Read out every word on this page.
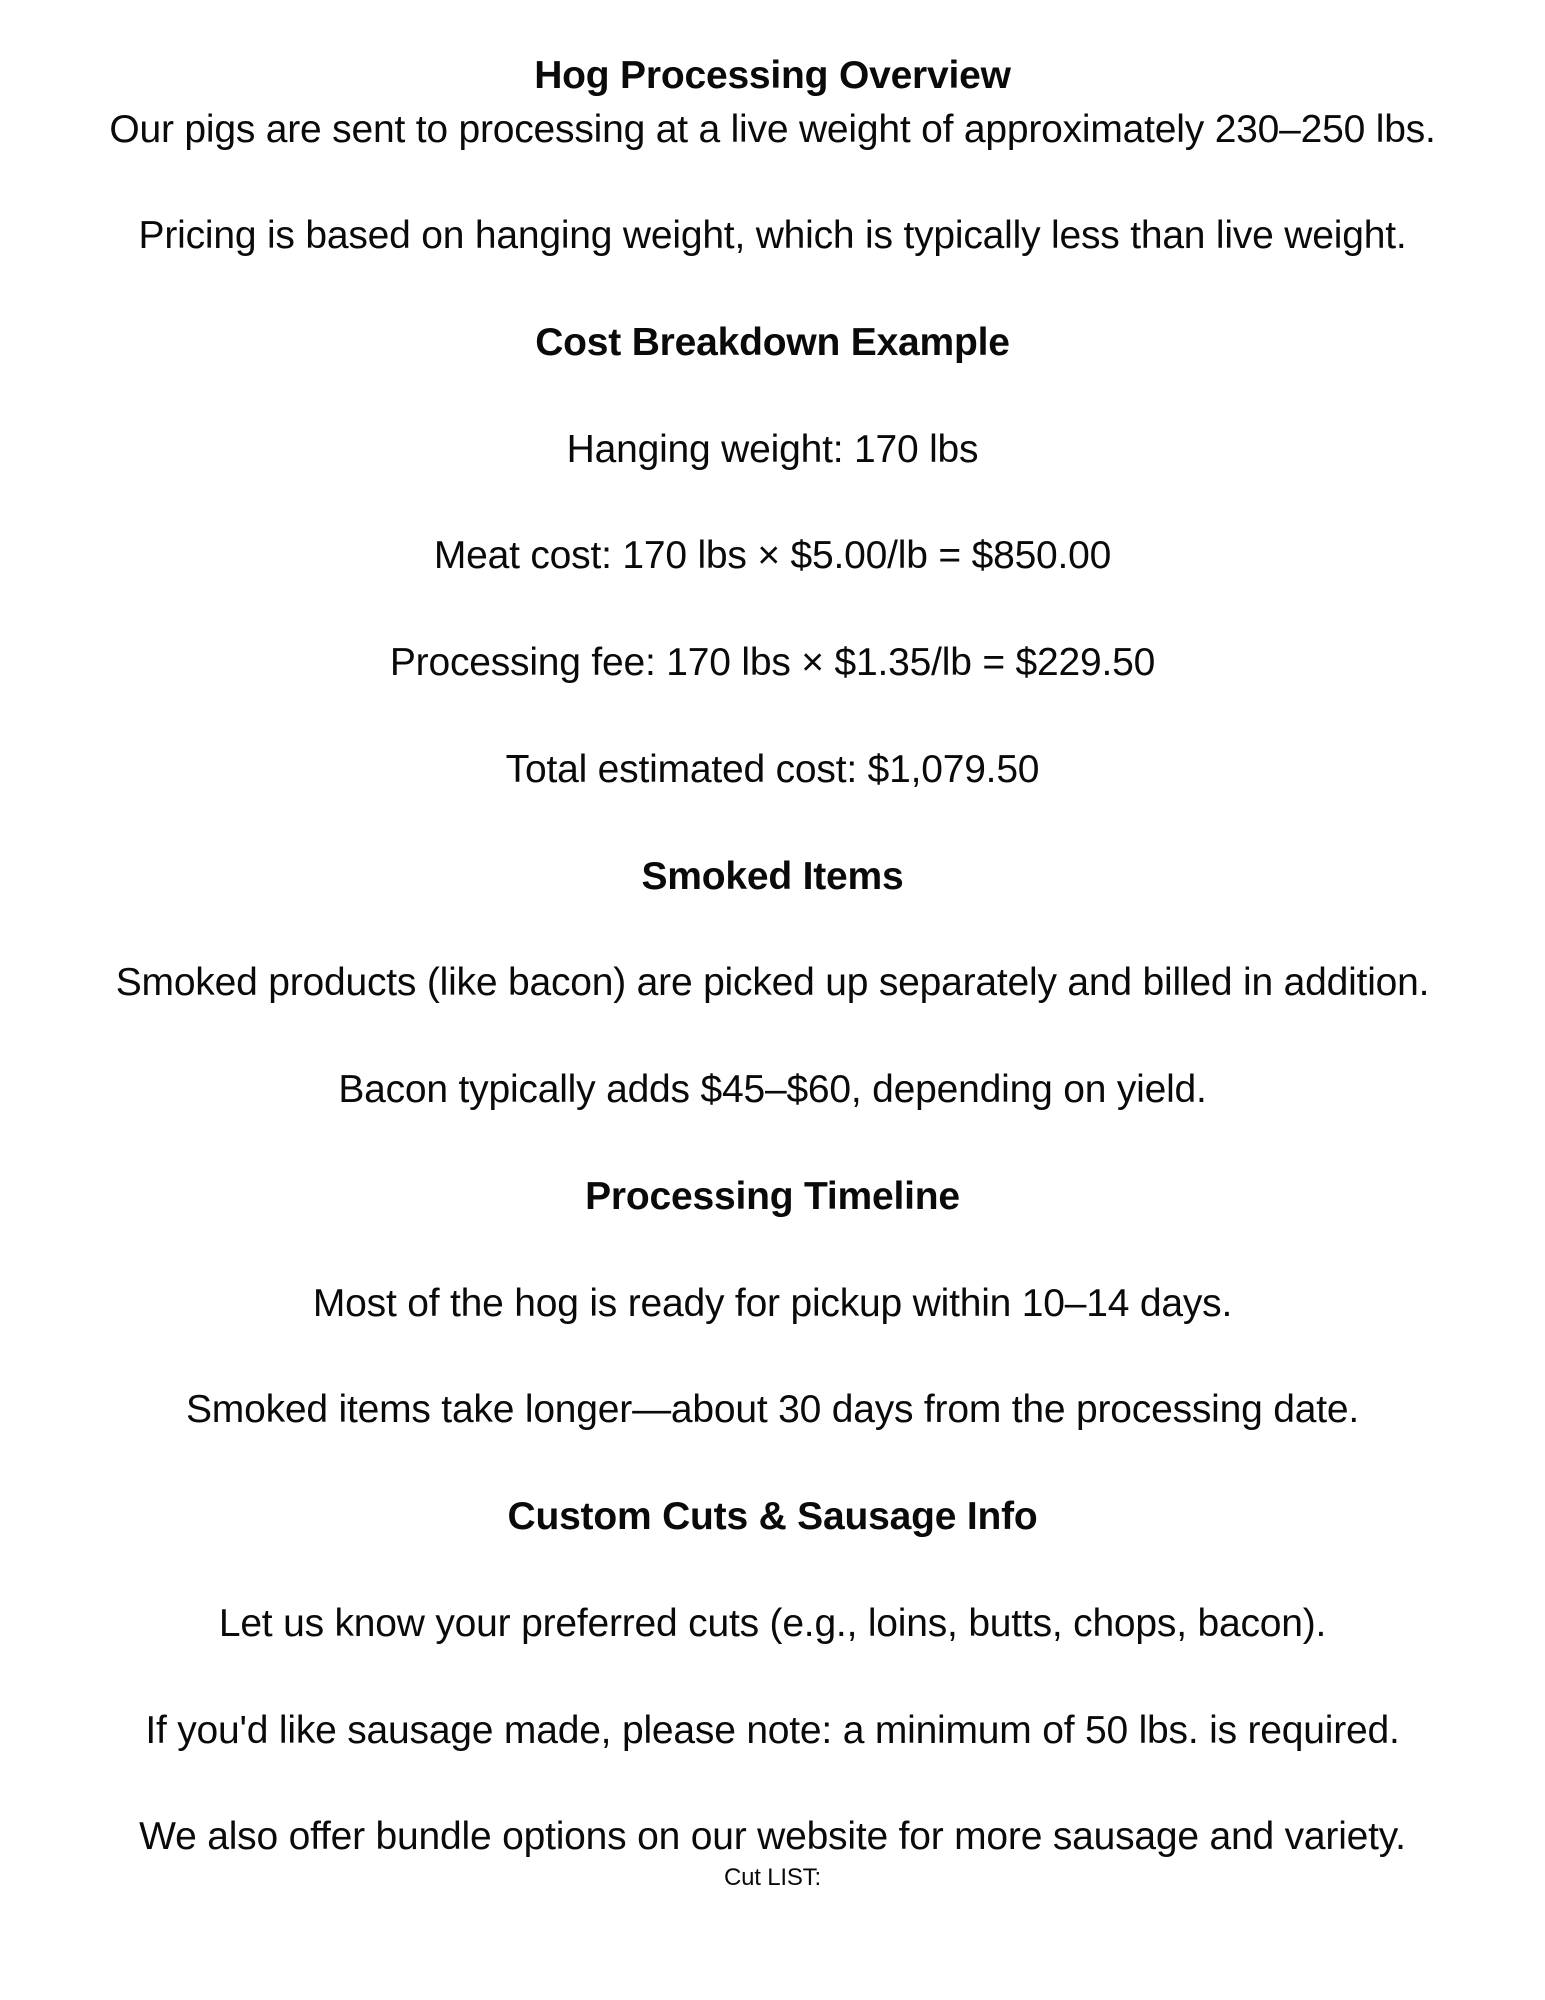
Hog Processing Overview
Our pigs are sent to processing at a live weight of approximately 230–250 lbs.
Pricing is based on hanging weight, which is typically less than live weight.
Cost Breakdown Example
Hanging weight: 170 lbs
Meat cost: 170 lbs × $5.00/lb = $850.00
Processing fee: 170 lbs × $1.35/lb = $229.50
Total estimated cost: $1,079.50
Smoked Items
Smoked products (like bacon) are picked up separately and billed in addition.
Bacon typically adds $45–$60, depending on yield.
Processing Timeline
Most of the hog is ready for pickup within 10–14 days.
Smoked items take longer—about 30 days from the processing date.
Custom Cuts & Sausage Info
Let us know your preferred cuts (e.g., loins, butts, chops, bacon).
If you'd like sausage made, please note: a minimum of 50 lbs. is required.
We also offer bundle options on our website for more sausage and variety.
Cut LIST:
